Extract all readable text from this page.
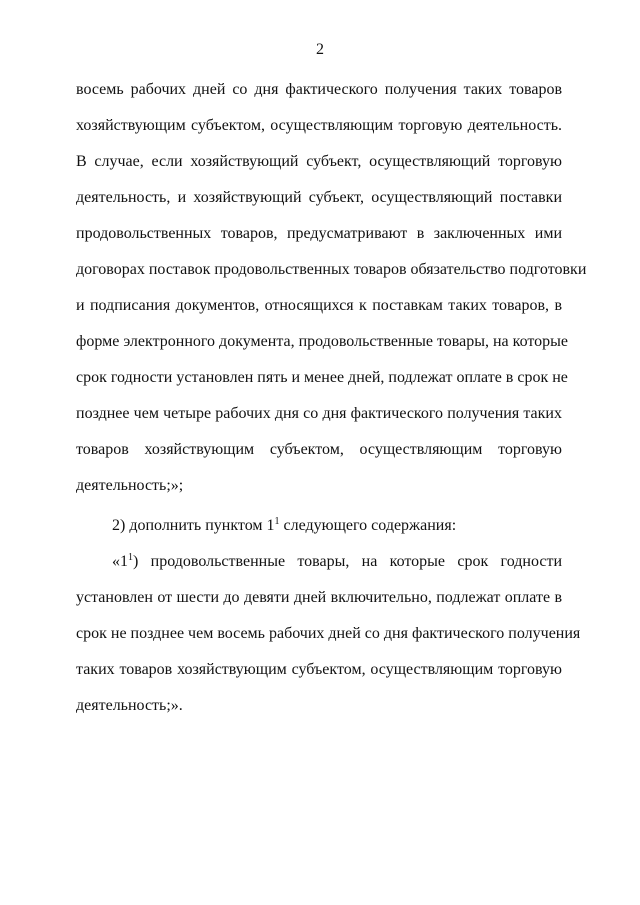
2
восемь рабочих дней со дня фактического получения таких товаров
хозяйствующим субъектом, осуществляющим торговую деятельность.
В случае, если хозяйствующий субъект, осуществляющий торговую
деятельность, и хозяйствующий субъект, осуществляющий поставки
продовольственных товаров, предусматривают в заключенных ими
договорах поставок продовольственных товаров обязательство подготовки
и подписания документов, относящихся к поставкам таких товаров, в
форме электронного документа, продовольственные товары, на которые
срок годности установлен пять и менее дней, подлежат оплате в срок не
позднее чем четыре рабочих дня со дня фактического получения таких
товаров хозяйствующим субъектом, осуществляющим торговую
деятельность;»;
2) дополнить пунктом $1^1$ следующего содержания:
«$1^1$) продовольственные товары, на которые срок годности
установлен от шести до девяти дней включительно, подлежат оплате в
срок не позднее чем восемь рабочих дней со дня фактического получения
таких товаров хозяйствующим субъектом, осуществляющим торговую
деятельность;».
